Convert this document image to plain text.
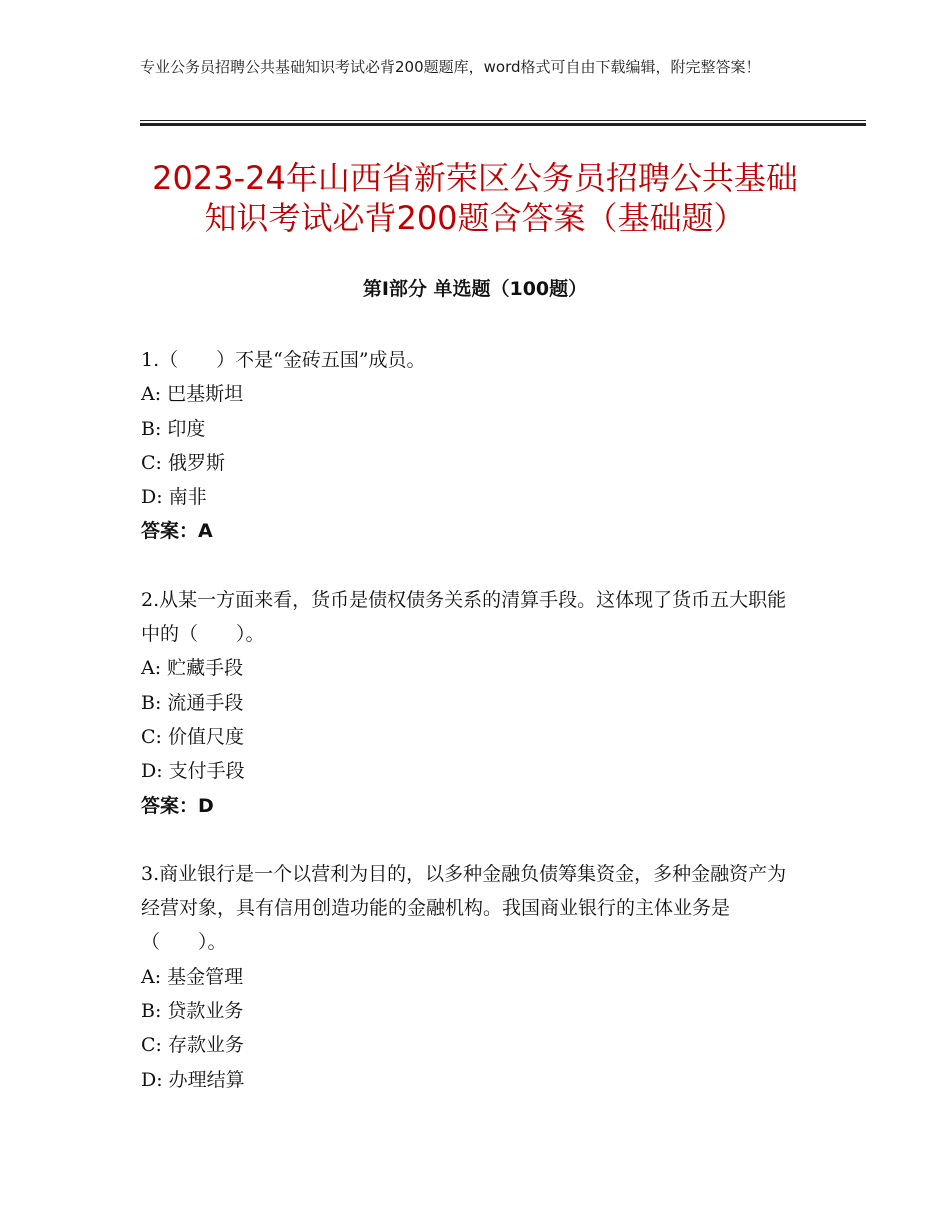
专业公务员招聘公共基础知识考试必背200题题库，word格式可自由下载编辑，附完整答案！
2023-24年山西省新荣区公务员招聘公共基础知识考试必背200题含答案（基础题）
第Ⅰ部分 单选题（100题）

1.（　　）不是“金砖五国”成员。

A: 巴基斯坦

B: 印度

C: 俄罗斯

D: 南非

答案：A

2.从某一方面来看，货币是债权债务关系的清算手段。这体现了货币五大职能中的（　　）。

A: 贮藏手段

B: 流通手段

C: 价值尺度

D: 支付手段

答案：D

3.商业银行是一个以营利为目的，以多种金融负债筹集资金，多种金融资产为经营对象，具有信用创造功能的金融机构。我国商业银行的主体业务是（　　）。

A: 基金管理

B: 贷款业务

C: 存款业务

D: 办理结算
